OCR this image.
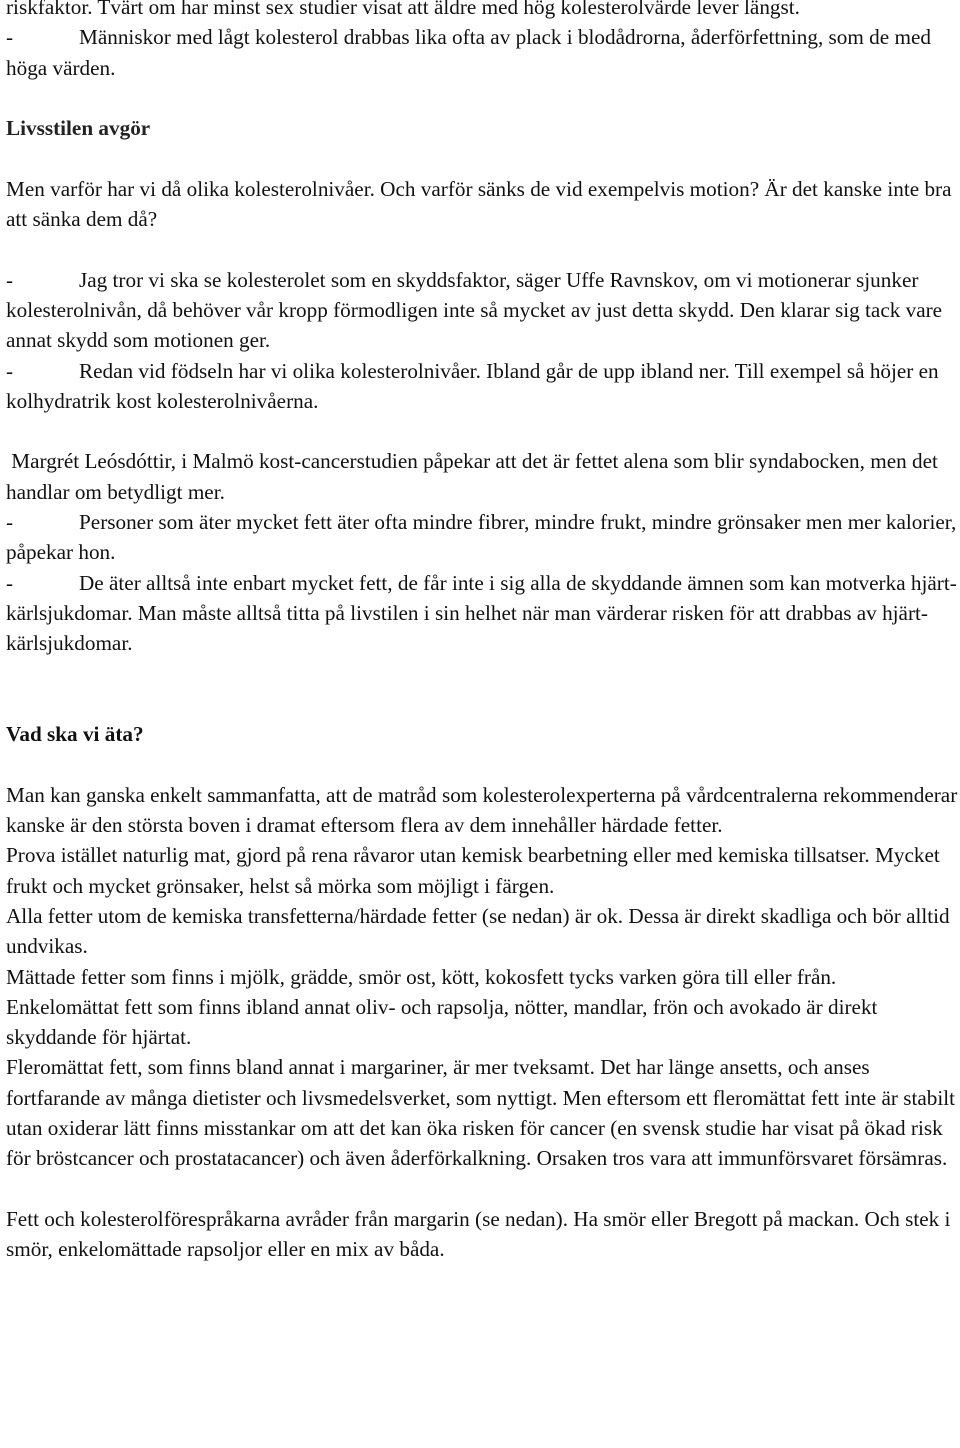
riskfaktor. Tvärt om har minst sex studier visat att äldre med hög kolesterolvärde lever längst.

-	Människor med lågt kolesterol drabbas lika ofta av plack i blodådrorna, åderförfettning, som de med höga värden.

Livsstilen avgör

Men varför har vi då olika kolesterolnivåer. Och varför sänks de vid exempelvis motion? Är det kanske inte bra att sänka dem då?

-	Jag tror vi ska se kolesterolet som en skyddsfaktor, säger Uffe Ravnskov, om vi motionerar sjunker kolesterolnivån, då behöver vår kropp förmodligen inte så mycket av just detta skydd. Den klarar sig tack vare annat skydd som motionen ger.

-	Redan vid födseln har vi olika kolesterolnivåer. Ibland går de upp ibland ner. Till exempel så höjer en kolhydratrik kost kolesterolnivåerna.

Margrét Leósdóttir, i Malmö kost-cancerstudien påpekar att det är fettet alena som blir syndabocken, men det handlar om betydligt mer.

-	Personer som äter mycket fett äter ofta mindre fibrer, mindre frukt, mindre grönsaker men mer kalorier, påpekar hon.

-	De äter alltså inte enbart mycket fett, de får inte i sig alla de skyddande ämnen som kan motverka hjärt-kärlsjukdomar. Man måste alltså titta på livstilen i sin helhet när man värderar risken för att drabbas av hjärt-kärlsjukdomar.

Vad ska vi äta?

Man kan ganska enkelt sammanfatta, att de matråd som kolesterolexperterna på vårdcentralerna rekommenderar kanske är den största boven i dramat eftersom flera av dem innehåller härdade fetter.

Prova istället naturlig mat, gjord på rena råvaror utan kemisk bearbetning eller med kemiska tillsatser. Mycket frukt och mycket grönsaker, helst så mörka som möjligt i färgen.

Alla fetter utom de kemiska transfetterna/härdade fetter (se nedan) är ok. Dessa är direkt skadliga och bör alltid undvikas.

Mättade fetter som finns i mjölk, grädde, smör ost, kött, kokosfett tycks varken göra till eller från.

Enkelomättat fett som finns ibland annat oliv- och rapsolja, nötter, mandlar, frön och avokado är direkt skyddande för hjärtat.

Fleromättat fett, som finns bland annat i margariner, är mer tveksamt. Det har länge ansetts, och anses fortfarande av många dietister och livsmedelsverket, som nyttigt. Men eftersom ett fleromättat fett inte är stabilt utan oxiderar lätt finns misstankar om att det kan öka risken för cancer (en svensk studie har visat på ökad risk för bröstcancer och prostatacancer) och även åderförkalkning. Orsaken tros vara att immunförsvaret försämras.

Fett och kolesterolförespråkarna avråder från margarin (se nedan). Ha smör eller Bregott på mackan. Och stek i smör, enkelomättade rapsoljor eller en mix av båda.
